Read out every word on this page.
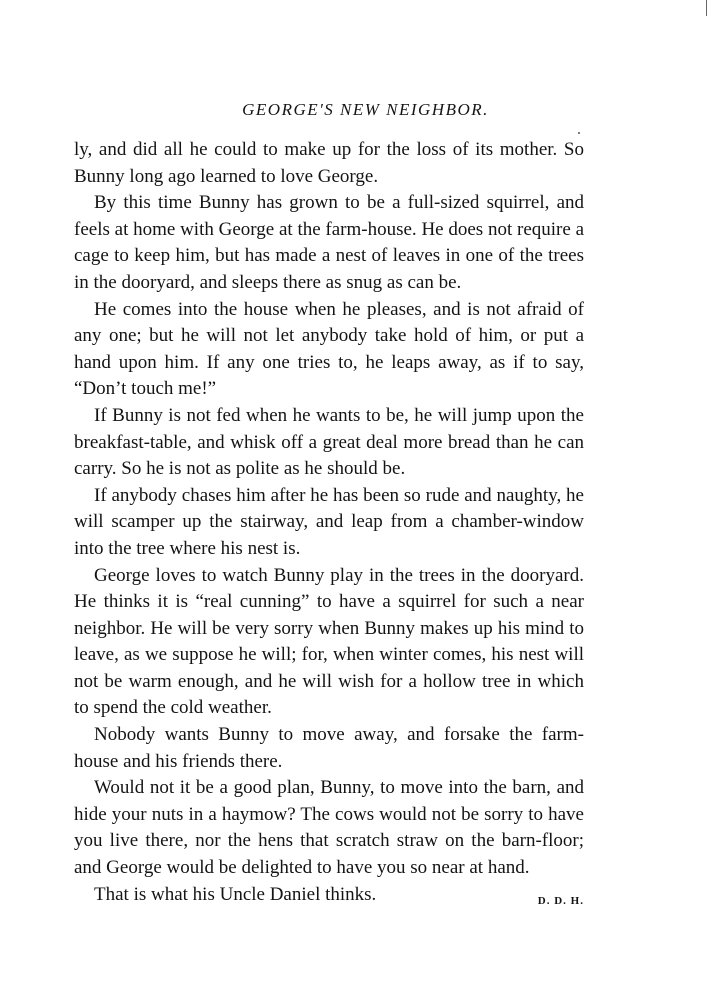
GEORGE'S NEW NEIGHBOR.

ly, and did all he could to make up for the loss of its mother. So Bunny long ago learned to love George.

By this time Bunny has grown to be a full-sized squirrel, and feels at home with George at the farm-house. He does not require a cage to keep him, but has made a nest of leaves in one of the trees in the dooryard, and sleeps there as snug as can be.

He comes into the house when he pleases, and is not afraid of any one; but he will not let anybody take hold of him, or put a hand upon him. If any one tries to, he leaps away, as if to say, “Don’t touch me!”

If Bunny is not fed when he wants to be, he will jump upon the breakfast-table, and whisk off a great deal more bread than he can carry. So he is not as polite as he should be.

If anybody chases him after he has been so rude and naughty, he will scamper up the stairway, and leap from a chamber-window into the tree where his nest is.

George loves to watch Bunny play in the trees in the dooryard. He thinks it is “real cunning” to have a squirrel for such a near neighbor. He will be very sorry when Bunny makes up his mind to leave, as we suppose he will; for, when winter comes, his nest will not be warm enough, and he will wish for a hollow tree in which to spend the cold weather.

Nobody wants Bunny to move away, and forsake the farm-house and his friends there.

Would not it be a good plan, Bunny, to move into the barn, and hide your nuts in a haymow? The cows would not be sorry to have you live there, nor the hens that scratch straw on the barn-floor; and George would be delighted to have you so near at hand.

That is what his Uncle Daniel thinks.	D. D. H.
